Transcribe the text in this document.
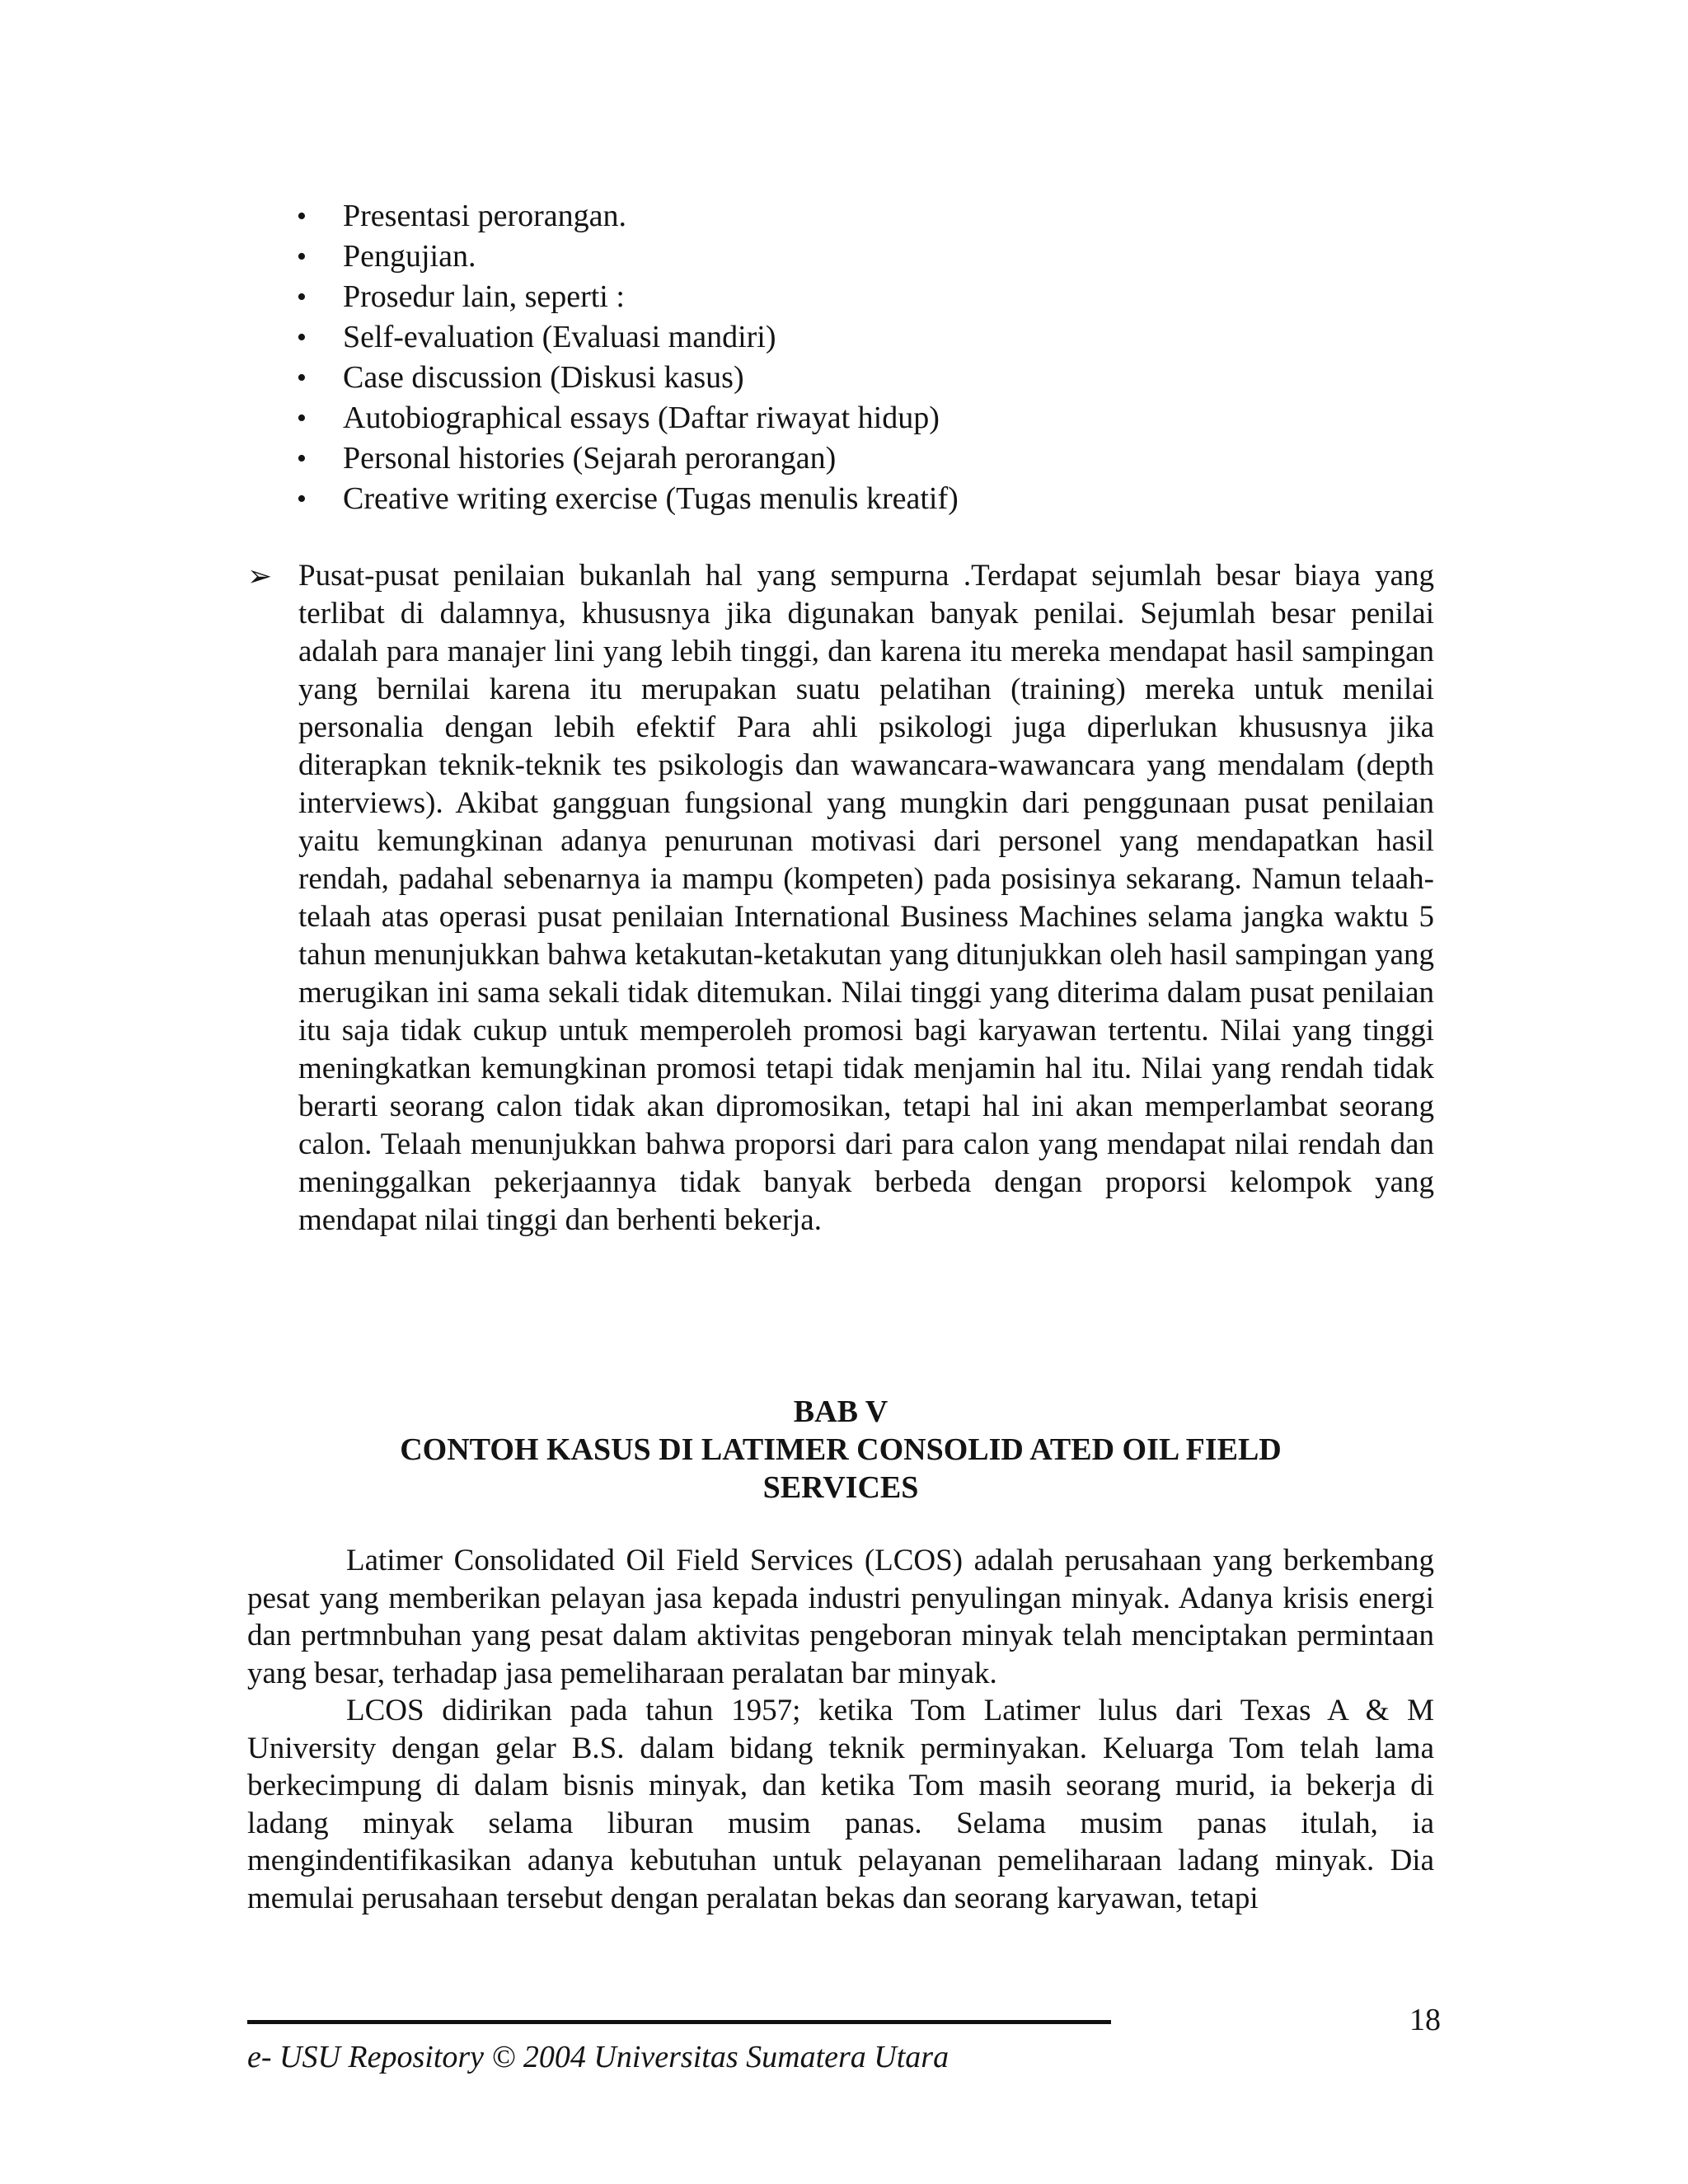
•	Presentasi perorangan.
•	Pengujian.
•	Prosedur lain, seperti :
•	Self-evaluation (Evaluasi mandiri)
•	Case discussion (Diskusi kasus)
•	Autobiographical essays (Daftar riwayat hidup)
•	Personal histories (Sejarah perorangan)
•	Creative writing exercise (Tugas menulis kreatif)
➢ Pusat-pusat penilaian bukanlah hal yang sempurna .Terdapat sejumlah besar biaya yang terlibat di dalamnya, khususnya jika digunakan banyak penilai. Sejumlah besar penilai adalah para manajer lini yang lebih tinggi, dan karena itu mereka mendapat hasil sampingan yang bernilai karena itu merupakan suatu pelatihan (training) mereka untuk menilai personalia dengan lebih efektif Para ahli psikologi juga diperlukan khususnya jika diterapkan teknik-teknik tes psikologis dan wawancara-wawancara yang mendalam (depth interviews). Akibat gangguan fungsional yang mungkin dari penggunaan pusat penilaian yaitu kemungkinan adanya penurunan motivasi dari personel yang mendapatkan hasil rendah, padahal sebenarnya ia mampu (kompeten) pada posisinya sekarang. Namun telaah-telaah atas operasi pusat penilaian International Business Machines selama jangka waktu 5 tahun menunjukkan bahwa ketakutan-ketakutan yang ditunjukkan oleh hasil sampingan yang merugikan ini sama sekali tidak ditemukan. Nilai tinggi yang diterima dalam pusat penilaian itu saja tidak cukup untuk memperoleh promosi bagi karyawan tertentu. Nilai yang tinggi meningkatkan kemungkinan promosi tetapi tidak menjamin hal itu. Nilai yang rendah tidak berarti seorang calon tidak akan dipromosikan, tetapi hal ini akan memperlambat seorang calon. Telaah menunjukkan bahwa proporsi dari para calon yang mendapat nilai rendah dan meninggalkan pekerjaannya tidak banyak berbeda dengan proporsi kelompok yang mendapat nilai tinggi dan berhenti bekerja.
BAB V
CONTOH KASUS DI LATIMER CONSOLID ATED OIL FIELD
SERVICES

Latimer Consolidated Oil Field Services (LCOS) adalah perusahaan yang berkembang pesat yang memberikan pelayan jasa kepada industri penyulingan minyak. Adanya krisis energi dan pertmnbuhan yang pesat dalam aktivitas pengeboran minyak telah menciptakan permintaan yang besar, terhadap jasa pemeliharaan peralatan bar minyak.

LCOS didirikan pada tahun 1957; ketika Tom Latimer lulus dari Texas A & M University dengan gelar B.S. dalam bidang teknik perminyakan. Keluarga Tom telah lama berkecimpung di dalam bisnis minyak, dan ketika Tom masih seorang murid, ia bekerja di ladang minyak selama liburan musim panas. Selama musim panas itulah, ia mengindentifikasikan adanya kebutuhan untuk pelayanan pemeliharaan ladang minyak. Dia memulai perusahaan tersebut dengan peralatan bekas dan seorang karyawan, tetapi

18
e- USU Repository © 2004 Universitas Sumatera Utara
